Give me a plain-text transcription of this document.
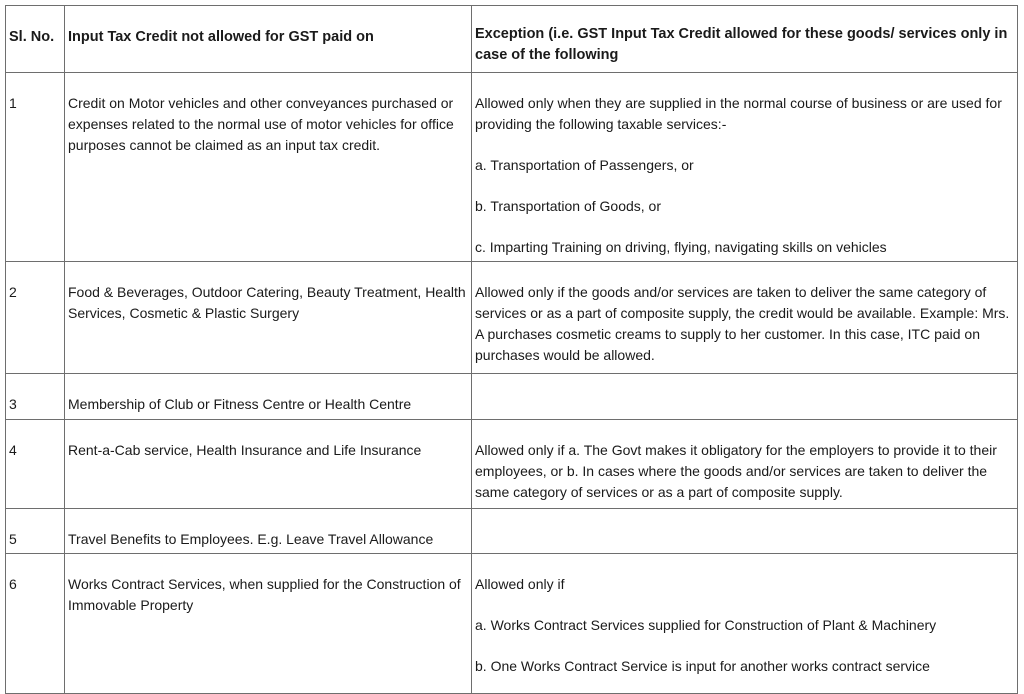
Sl. No.	Input Tax Credit not allowed for GST paid on	Exception (i.e. GST Input Tax Credit allowed for these goods/ services only in case of the following

1	Credit on Motor vehicles and other conveyances purchased or expenses related to the normal use of motor vehicles for office purposes cannot be claimed as an input tax credit.	Allowed only when they are supplied in the normal course of business or are used for providing the following taxable services:-
a. Transportation of Passengers, or
b. Transportation of Goods, or
c. Imparting Training on driving, flying, navigating skills on vehicles

2	Food & Beverages, Outdoor Catering, Beauty Treatment, Health Services, Cosmetic & Plastic Surgery	Allowed only if the goods and/or services are taken to deliver the same category of services or as a part of composite supply, the credit would be available. Example: Mrs. A purchases cosmetic creams to supply to her customer. In this case, ITC paid on purchases would be allowed.

3	Membership of Club or Fitness Centre or Health Centre	

4	Rent-a-Cab service, Health Insurance and Life Insurance	Allowed only if a. The Govt makes it obligatory for the employers to provide it to their employees, or b. In cases where the goods and/or services are taken to deliver the same category of services or as a part of composite supply.

5	Travel Benefits to Employees. E.g. Leave Travel Allowance	

6	Works Contract Services, when supplied for the Construction of Immovable Property	Allowed only if
a. Works Contract Services supplied for Construction of Plant & Machinery
b. One Works Contract Service is input for another works contract service
